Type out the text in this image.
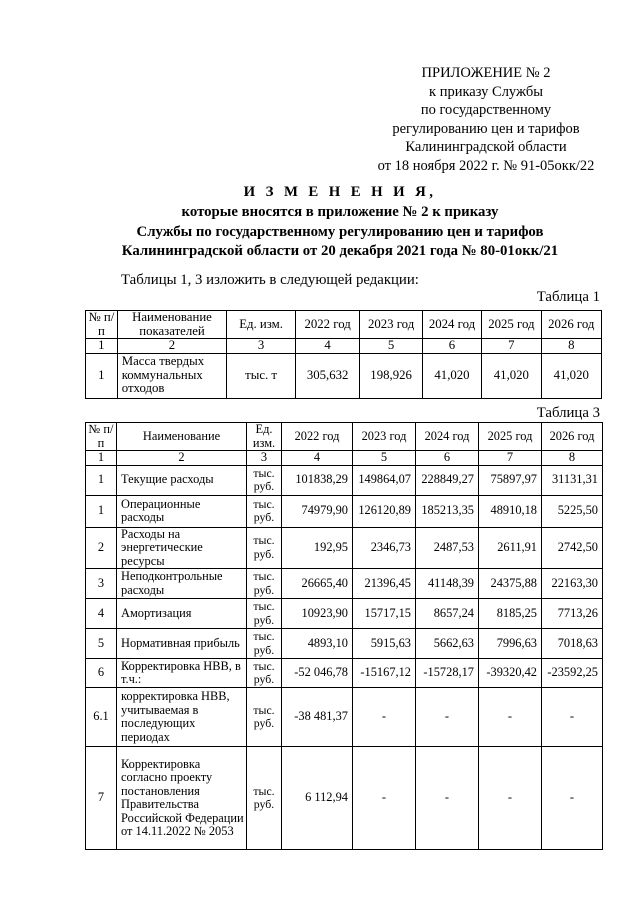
ПРИЛОЖЕНИЕ № 2
к приказу Службы
по государственному
регулированию цен и тарифов
Калининградской области
от 18 ноября 2022 г. № 91-05окк/22
И З М Е Н Е Н И Я,
которые вносятся в приложение № 2 к приказу
Службы по государственному регулированию цен и тарифов
Калининградской области от 20 декабря 2021 года № 80-01окк/21
Таблицы 1, 3 изложить в следующей редакции:
Таблица 1
№ п/п	Наименование показателей	Ед. изм.	2022 год	2023 год	2024 год	2025 год	2026 год
1	2	3	4	5	6	7	8
1	Масса твердых коммунальных отходов	тыс. т	305,632	198,926	41,020	41,020	41,020
Таблица 3
№ п/п	Наименование	Ед. изм.	2022 год	2023 год	2024 год	2025 год	2026 год
1	2	3	4	5	6	7	8
1	Текущие расходы	тыс. руб.	101838,29	149864,07	228849,27	75897,97	31131,31
1	Операционные расходы	тыс. руб.	74979,90	126120,89	185213,35	48910,18	5225,50
2	Расходы на энергетические ресурсы	тыс. руб.	192,95	2346,73	2487,53	2611,91	2742,50
3	Неподконтрольные расходы	тыс. руб.	26665,40	21396,45	41148,39	24375,88	22163,30
4	Амортизация	тыс. руб.	10923,90	15717,15	8657,24	8185,25	7713,26
5	Нормативная прибыль	тыс. руб.	4893,10	5915,63	5662,63	7996,63	7018,63
6	Корректировка НВВ, в т.ч.:	тыс. руб.	-52 046,78	-15167,12	-15728,17	-39320,42	-23592,25
6.1	корректировка НВВ, учитываемая в последующих периодах	тыс. руб.	-38 481,37	-	-	-	-
7	Корректировка согласно проекту постановления Правительства Российской Федерации от 14.11.2022 № 2053	тыс. руб.	6 112,94	-	-	-	-
